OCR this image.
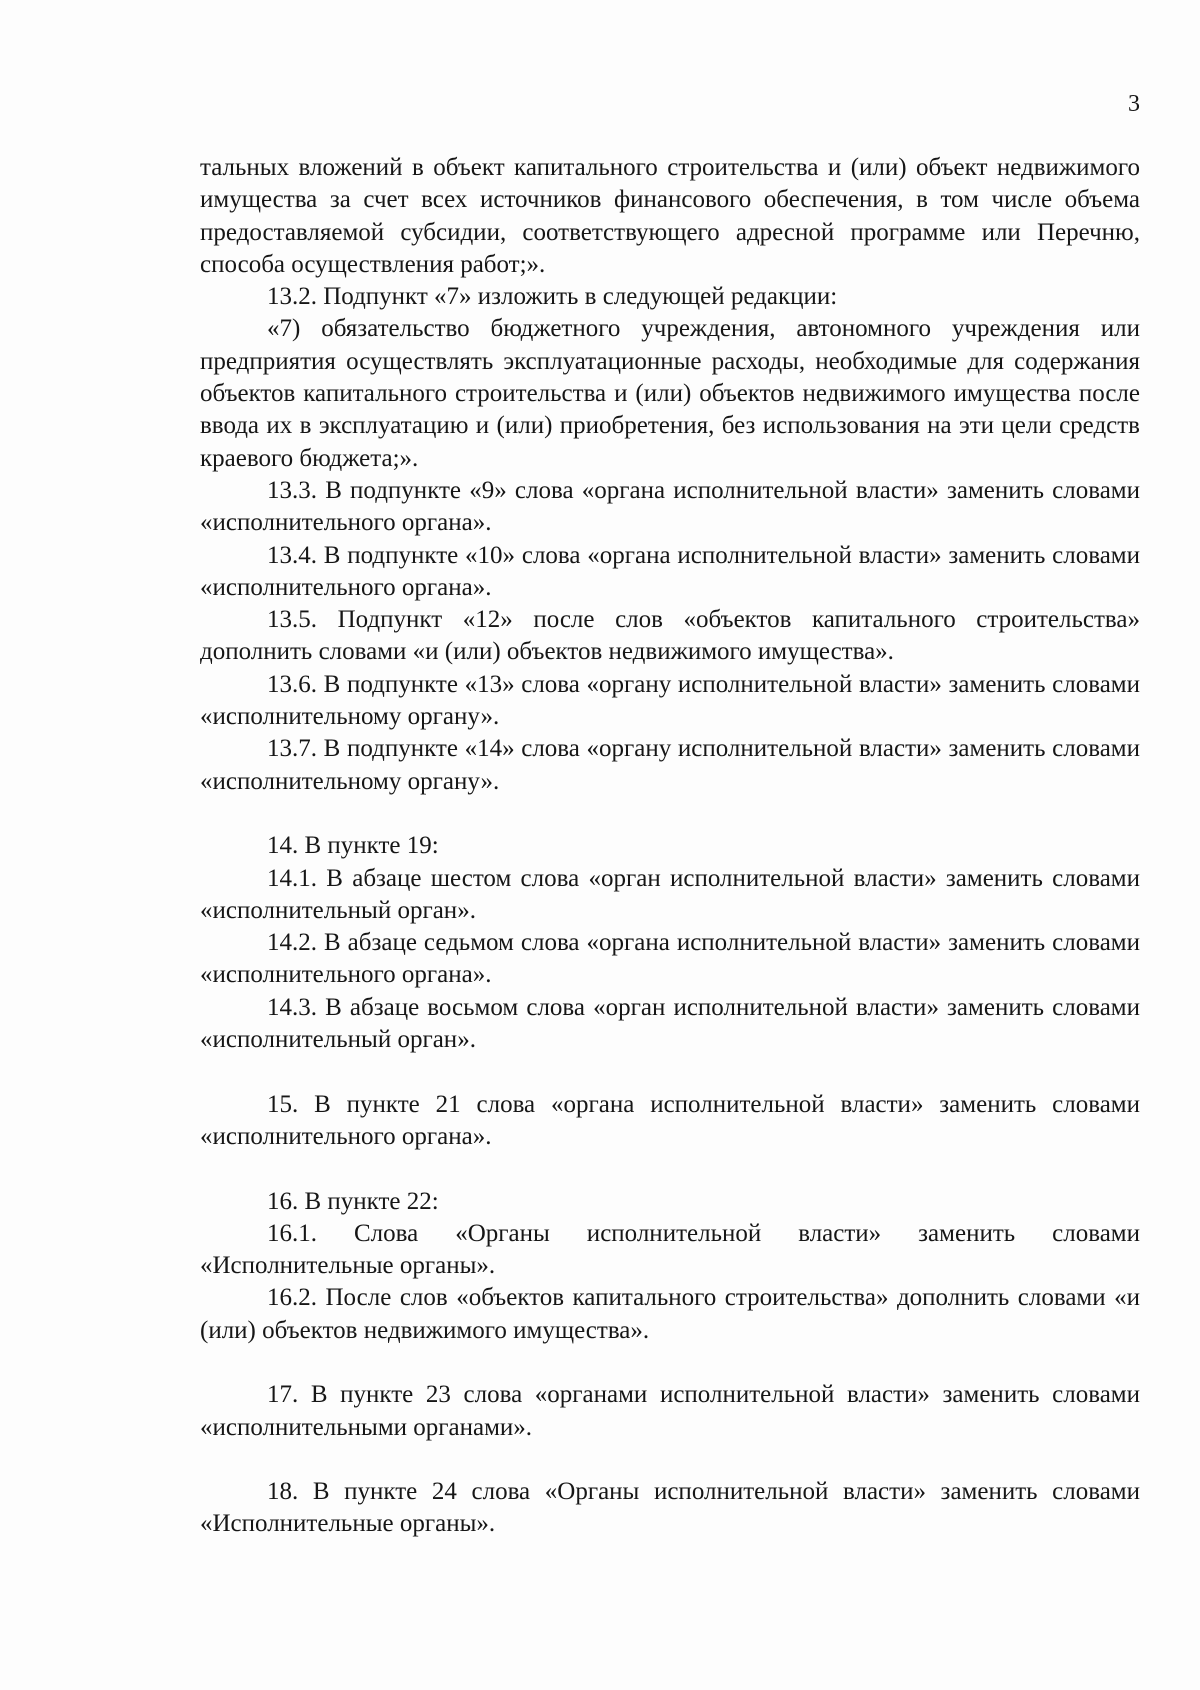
3

тальных вложений в объект капитального строительства и (или) объект недвижимого имущества за счет всех источников финансового обеспечения, в том числе объема предоставляемой субсидии, соответствующего адресной программе или Перечню, способа осуществления работ;».

13.2. Подпункт «7» изложить в следующей редакции:

«7) обязательство бюджетного учреждения, автономного учреждения или предприятия осуществлять эксплуатационные расходы, необходимые для содержания объектов капитального строительства и (или) объектов недвижимого имущества после ввода их в эксплуатацию и (или) приобретения, без использования на эти цели средств краевого бюджета;».

13.3. В подпункте «9» слова «органа исполнительной власти» заменить словами «исполнительного органа».

13.4. В подпункте «10» слова «органа исполнительной власти» заменить словами «исполнительного органа».

13.5. Подпункт «12» после слов «объектов капитального строительства» дополнить словами «и (или) объектов недвижимого имущества».

13.6. В подпункте «13» слова «органу исполнительной власти» заменить словами «исполнительному органу».

13.7. В подпункте «14» слова «органу исполнительной власти» заменить словами «исполнительному органу».

14. В пункте 19:

14.1. В абзаце шестом слова «орган исполнительной власти» заменить словами «исполнительный орган».

14.2. В абзаце седьмом слова «органа исполнительной власти» заменить словами «исполнительного органа».

14.3. В абзаце восьмом слова «орган исполнительной власти» заменить словами «исполнительный орган».

15. В пункте 21 слова «органа исполнительной власти» заменить словами «исполнительного органа».

16. В пункте 22:

16.1. Слова «Органы исполнительной власти» заменить словами «Исполнительные органы».

16.2. После слов «объектов капитального строительства» дополнить словами «и (или) объектов недвижимого имущества».

17. В пункте 23 слова «органами исполнительной власти» заменить словами «исполнительными органами».

18. В пункте 24 слова «Органы исполнительной власти» заменить словами «Исполнительные органы».
